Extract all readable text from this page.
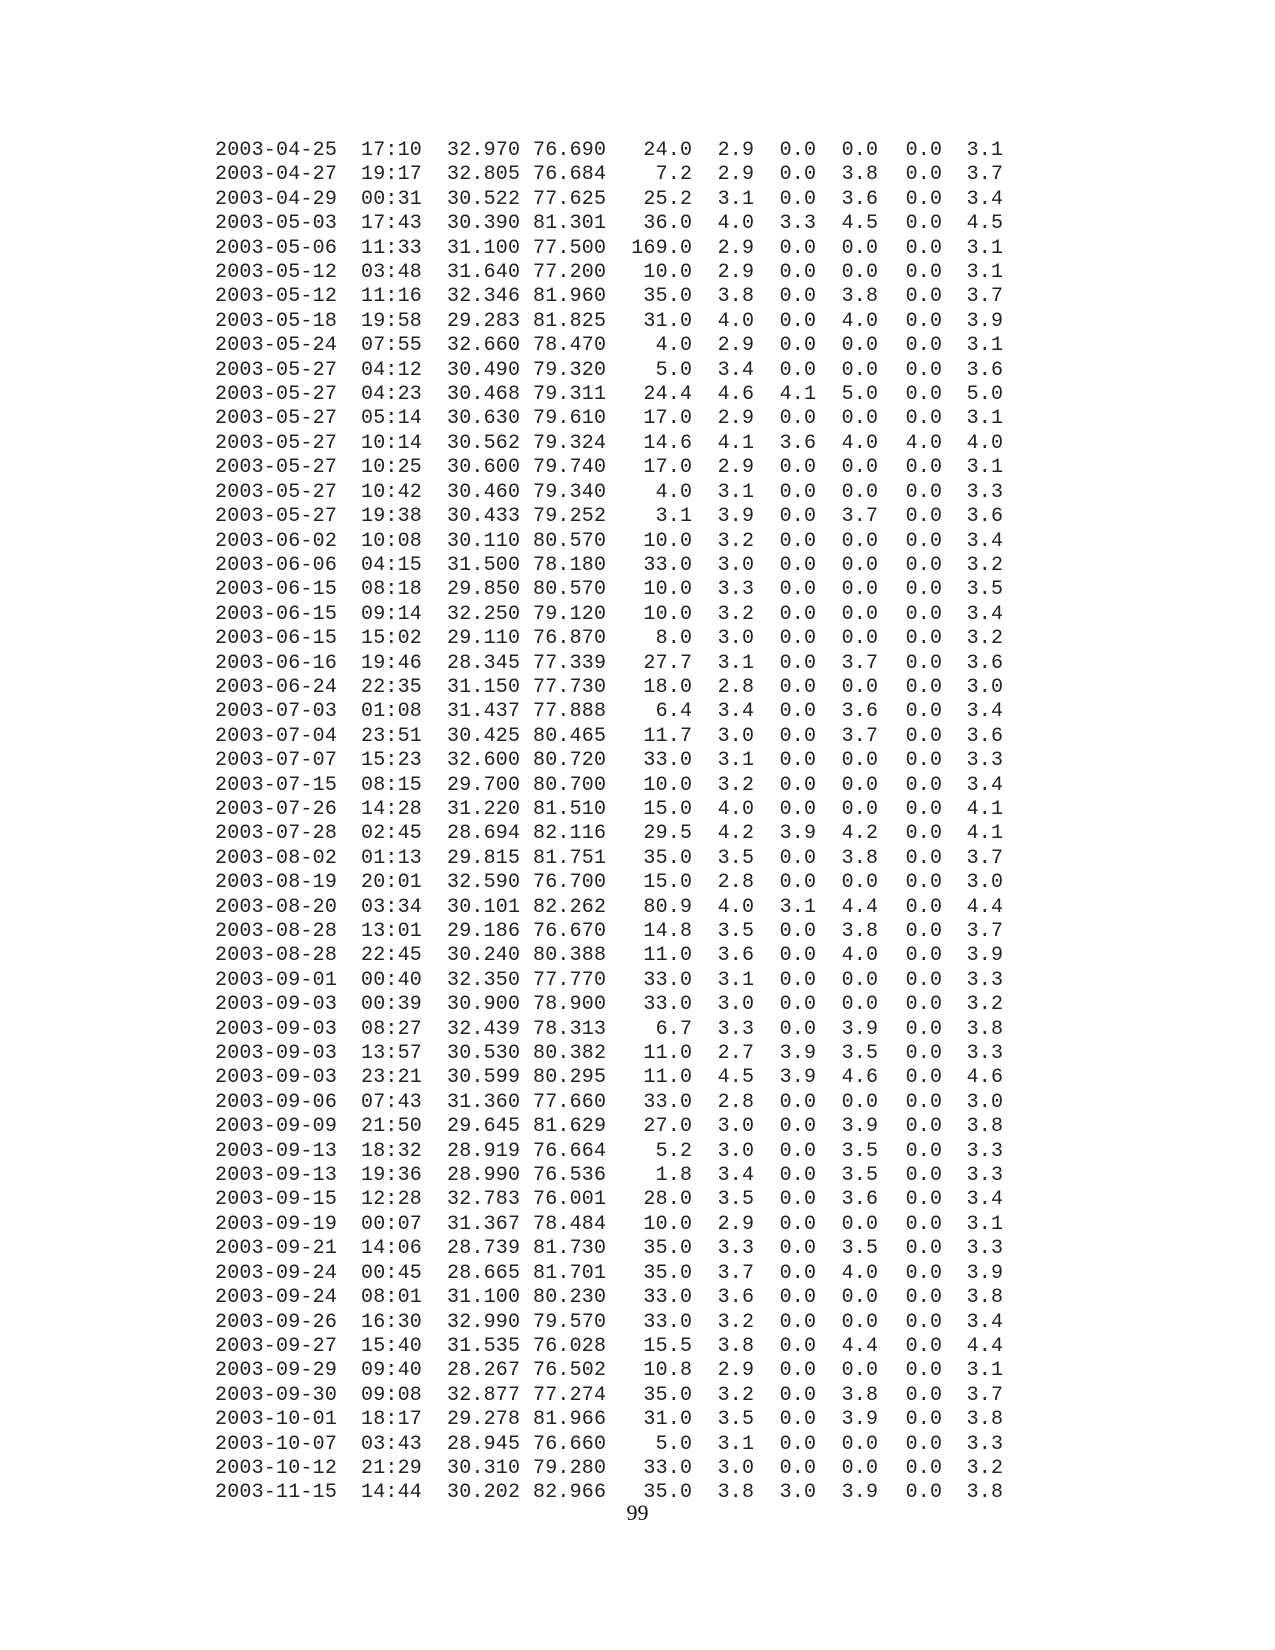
2003-04-25	17:10	32.970	76.690	24.0	2.9	0.0	0.0	0.0	3.1
2003-04-27	19:17	32.805	76.684	7.2	2.9	0.0	3.8	0.0	3.7
2003-04-29	00:31	30.522	77.625	25.2	3.1	0.0	3.6	0.0	3.4
2003-05-03	17:43	30.390	81.301	36.0	4.0	3.3	4.5	0.0	4.5
2003-05-06	11:33	31.100	77.500	169.0	2.9	0.0	0.0	0.0	3.1
2003-05-12	03:48	31.640	77.200	10.0	2.9	0.0	0.0	0.0	3.1
2003-05-12	11:16	32.346	81.960	35.0	3.8	0.0	3.8	0.0	3.7
2003-05-18	19:58	29.283	81.825	31.0	4.0	0.0	4.0	0.0	3.9
2003-05-24	07:55	32.660	78.470	4.0	2.9	0.0	0.0	0.0	3.1
2003-05-27	04:12	30.490	79.320	5.0	3.4	0.0	0.0	0.0	3.6
2003-05-27	04:23	30.468	79.311	24.4	4.6	4.1	5.0	0.0	5.0
2003-05-27	05:14	30.630	79.610	17.0	2.9	0.0	0.0	0.0	3.1
2003-05-27	10:14	30.562	79.324	14.6	4.1	3.6	4.0	4.0	4.0
2003-05-27	10:25	30.600	79.740	17.0	2.9	0.0	0.0	0.0	3.1
2003-05-27	10:42	30.460	79.340	4.0	3.1	0.0	0.0	0.0	3.3
2003-05-27	19:38	30.433	79.252	3.1	3.9	0.0	3.7	0.0	3.6
2003-06-02	10:08	30.110	80.570	10.0	3.2	0.0	0.0	0.0	3.4
2003-06-06	04:15	31.500	78.180	33.0	3.0	0.0	0.0	0.0	3.2
2003-06-15	08:18	29.850	80.570	10.0	3.3	0.0	0.0	0.0	3.5
2003-06-15	09:14	32.250	79.120	10.0	3.2	0.0	0.0	0.0	3.4
2003-06-15	15:02	29.110	76.870	8.0	3.0	0.0	0.0	0.0	3.2
2003-06-16	19:46	28.345	77.339	27.7	3.1	0.0	3.7	0.0	3.6
2003-06-24	22:35	31.150	77.730	18.0	2.8	0.0	0.0	0.0	3.0
2003-07-03	01:08	31.437	77.888	6.4	3.4	0.0	3.6	0.0	3.4
2003-07-04	23:51	30.425	80.465	11.7	3.0	0.0	3.7	0.0	3.6
2003-07-07	15:23	32.600	80.720	33.0	3.1	0.0	0.0	0.0	3.3
2003-07-15	08:15	29.700	80.700	10.0	3.2	0.0	0.0	0.0	3.4
2003-07-26	14:28	31.220	81.510	15.0	4.0	0.0	0.0	0.0	4.1
2003-07-28	02:45	28.694	82.116	29.5	4.2	3.9	4.2	0.0	4.1
2003-08-02	01:13	29.815	81.751	35.0	3.5	0.0	3.8	0.0	3.7
2003-08-19	20:01	32.590	76.700	15.0	2.8	0.0	0.0	0.0	3.0
2003-08-20	03:34	30.101	82.262	80.9	4.0	3.1	4.4	0.0	4.4
2003-08-28	13:01	29.186	76.670	14.8	3.5	0.0	3.8	0.0	3.7
2003-08-28	22:45	30.240	80.388	11.0	3.6	0.0	4.0	0.0	3.9
2003-09-01	00:40	32.350	77.770	33.0	3.1	0.0	0.0	0.0	3.3
2003-09-03	00:39	30.900	78.900	33.0	3.0	0.0	0.0	0.0	3.2
2003-09-03	08:27	32.439	78.313	6.7	3.3	0.0	3.9	0.0	3.8
2003-09-03	13:57	30.530	80.382	11.0	2.7	3.9	3.5	0.0	3.3
2003-09-03	23:21	30.599	80.295	11.0	4.5	3.9	4.6	0.0	4.6
2003-09-06	07:43	31.360	77.660	33.0	2.8	0.0	0.0	0.0	3.0
2003-09-09	21:50	29.645	81.629	27.0	3.0	0.0	3.9	0.0	3.8
2003-09-13	18:32	28.919	76.664	5.2	3.0	0.0	3.5	0.0	3.3
2003-09-13	19:36	28.990	76.536	1.8	3.4	0.0	3.5	0.0	3.3
2003-09-15	12:28	32.783	76.001	28.0	3.5	0.0	3.6	0.0	3.4
2003-09-19	00:07	31.367	78.484	10.0	2.9	0.0	0.0	0.0	3.1
2003-09-21	14:06	28.739	81.730	35.0	3.3	0.0	3.5	0.0	3.3
2003-09-24	00:45	28.665	81.701	35.0	3.7	0.0	4.0	0.0	3.9
2003-09-24	08:01	31.100	80.230	33.0	3.6	0.0	0.0	0.0	3.8
2003-09-26	16:30	32.990	79.570	33.0	3.2	0.0	0.0	0.0	3.4
2003-09-27	15:40	31.535	76.028	15.5	3.8	0.0	4.4	0.0	4.4
2003-09-29	09:40	28.267	76.502	10.8	2.9	0.0	0.0	0.0	3.1
2003-09-30	09:08	32.877	77.274	35.0	3.2	0.0	3.8	0.0	3.7
2003-10-01	18:17	29.278	81.966	31.0	3.5	0.0	3.9	0.0	3.8
2003-10-07	03:43	28.945	76.660	5.0	3.1	0.0	0.0	0.0	3.3
2003-10-12	21:29	30.310	79.280	33.0	3.0	0.0	0.0	0.0	3.2
2003-11-15	14:44	30.202	82.966	35.0	3.8	3.0	3.9	0.0	3.8
99
